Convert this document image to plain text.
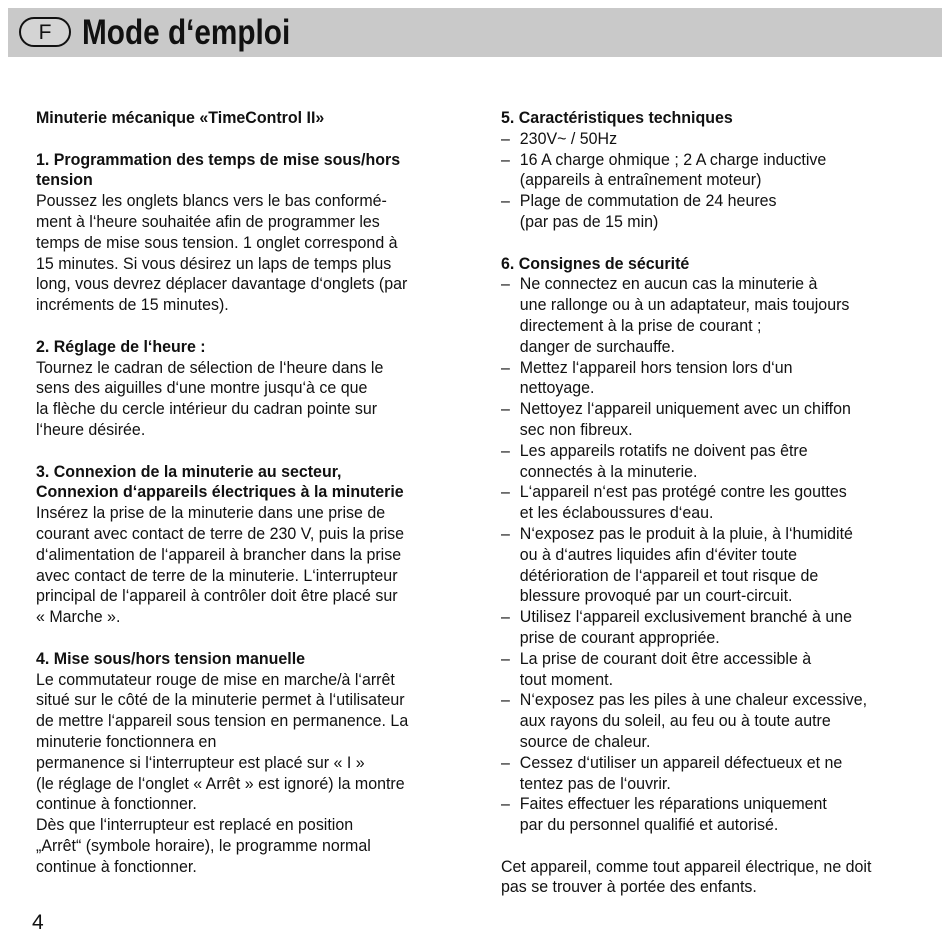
F Mode d‘emploi
Minuterie mécanique «TimeControl II»
1. Programmation des temps de mise sous/hors
tension
Poussez les onglets blancs vers le bas conformé-
ment à l‘heure souhaitée afin de programmer les
temps de mise sous tension. 1 onglet correspond à
15 minutes. Si vous désirez un laps de temps plus
long, vous devrez déplacer davantage d‘onglets (par
incréments de 15 minutes).
2. Réglage de l‘heure :
Tournez le cadran de sélection de l‘heure dans le
sens des aiguilles d‘une montre jusqu‘à ce que
la flèche du cercle intérieur du cadran pointe sur
l‘heure désirée.
3. Connexion de la minuterie au secteur,
Connexion d‘appareils électriques à la minuterie
Insérez la prise de la minuterie dans une prise de
courant avec contact de terre de 230 V, puis la prise
d‘alimentation de l‘appareil à brancher dans la prise
avec contact de terre de la minuterie. L‘interrupteur
principal de l‘appareil à contrôler doit être placé sur
« Marche ».
4. Mise sous/hors tension manuelle
Le commutateur rouge de mise en marche/à l‘arrêt
situé sur le côté de la minuterie permet à l‘utilisateur
de mettre l‘appareil sous tension en permanence. La
minuterie fonctionnera en
permanence si l‘interrupteur est placé sur « I »
(le réglage de l‘onglet « Arrêt » est ignoré) la montre
continue à fonctionner.
Dès que l‘interrupteur est replacé en position
„Arrêt“ (symbole horaire), le programme normal
continue à fonctionner.
5. Caractéristiques techniques
– 230V~ / 50Hz
– 16 A charge ohmique ; 2 A charge inductive
(appareils à entraînement moteur)
– Plage de commutation de 24 heures
(par pas de 15 min)
6. Consignes de sécurité
– Ne connectez en aucun cas la minuterie à
une rallonge ou à un adaptateur, mais toujours
directement à la prise de courant ;
danger de surchauffe.
– Mettez l‘appareil hors tension lors d‘un
nettoyage.
– Nettoyez l‘appareil uniquement avec un chiffon
sec non fibreux.
– Les appareils rotatifs ne doivent pas être
connectés à la minuterie.
– L‘appareil n‘est pas protégé contre les gouttes
et les éclaboussures d‘eau.
– N‘exposez pas le produit à la pluie, à l‘humidité
ou à d‘autres liquides afin d‘éviter toute
détérioration de l‘appareil et tout risque de
blessure provoqué par un court-circuit.
– Utilisez l‘appareil exclusivement branché à une
prise de courant appropriée.
– La prise de courant doit être accessible à
tout moment.
– N‘exposez pas les piles à une chaleur excessive,
aux rayons du soleil, au feu ou à toute autre
source de chaleur.
– Cessez d‘utiliser un appareil défectueux et ne
tentez pas de l‘ouvrir.
– Faites effectuer les réparations uniquement
par du personnel qualifié et autorisé.
Cet appareil, comme tout appareil électrique, ne doit
pas se trouver à portée des enfants.
4
